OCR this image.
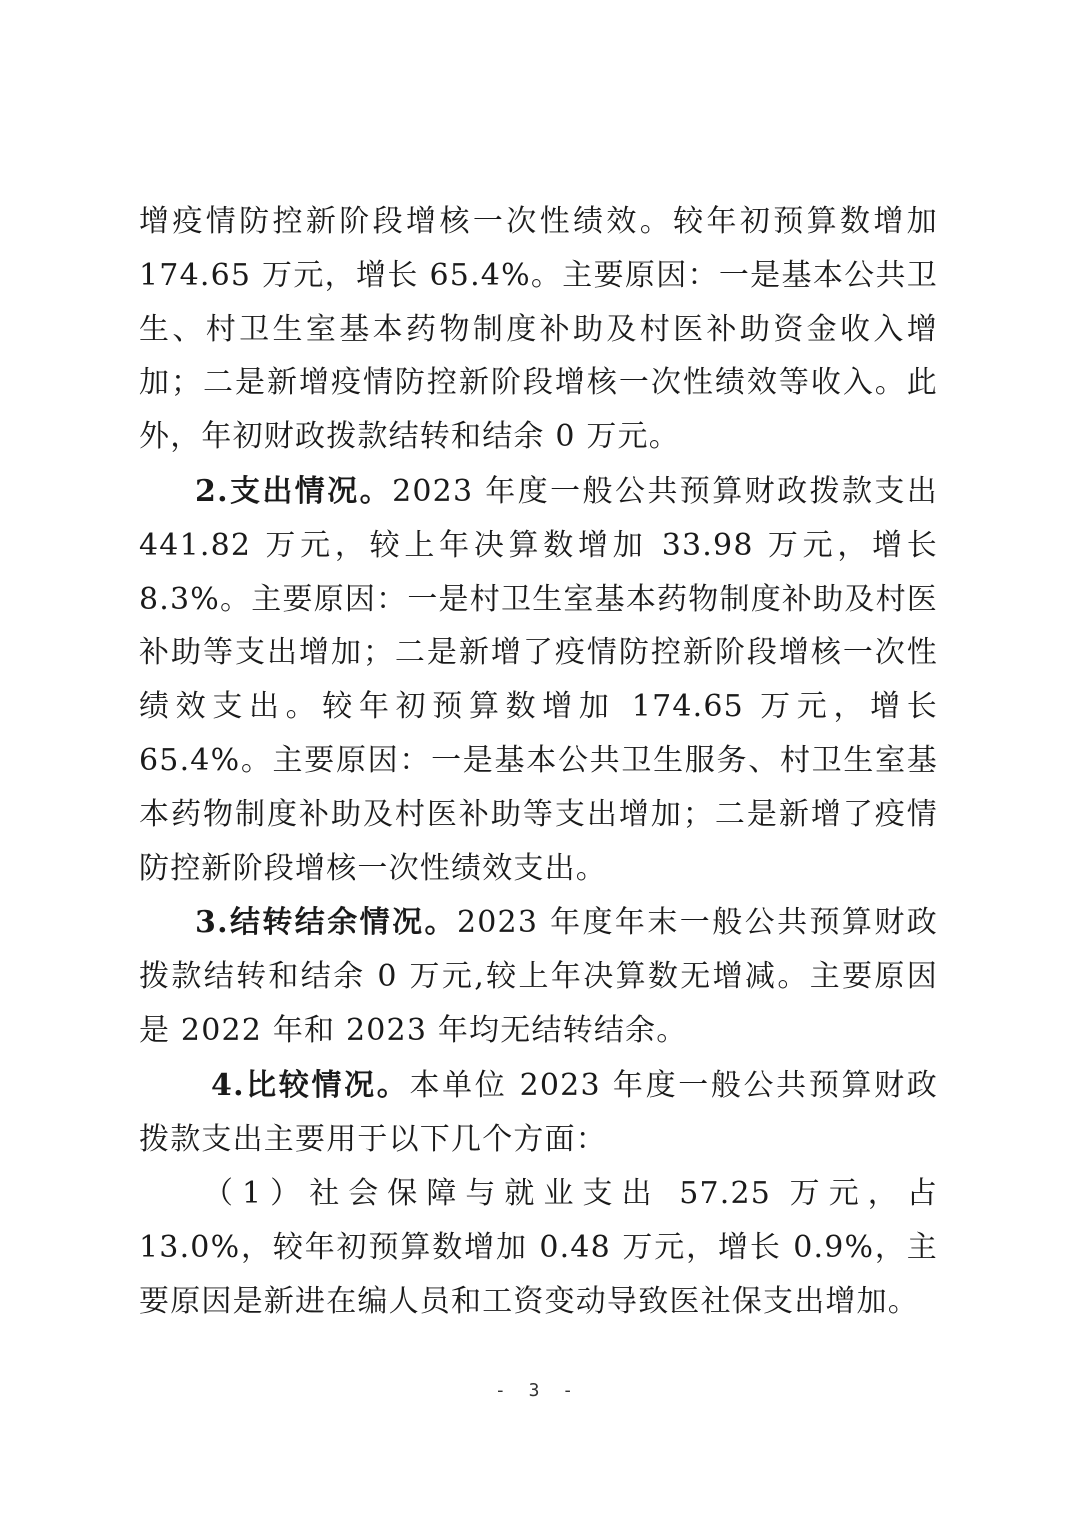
增疫情防控新阶段增核一次性绩效。较年初预算数增加 174.65 万元，增长 65.4%。主要原因：一是基本公共卫生、村卫生室基本药物制度补助及村医补助资金收入增加；二是新增疫情防控新阶段增核一次性绩效等收入。此外，年初财政拨款结转和结余 0 万元。

2.支出情况。2023 年度一般公共预算财政拨款支出 441.82 万元，较上年决算数增加 33.98 万元，增长 8.3%。主要原因：一是村卫生室基本药物制度补助及村医补助等支出增加；二是新增了疫情防控新阶段增核一次性绩效支出。较年初预算数增加 174.65 万元，增长 65.4%。主要原因：一是基本公共卫生服务、村卫生室基本药物制度补助及村医补助等支出增加；二是新增了疫情防控新阶段增核一次性绩效支出。

3.结转结余情况。2023 年度年末一般公共预算财政拨款结转和结余 0 万元,较上年决算数无增减。主要原因是 2022 年和 2023 年均无结转结余。

4.比较情况。本单位 2023 年度一般公共预算财政拨款支出主要用于以下几个方面：

（1）社会保障与就业支出 57.25 万元，占 13.0%，较年初预算数增加 0.48 万元，增长 0.9%，主要原因是新进在编人员和工资变动导致医社保支出增加。

- 3 -
